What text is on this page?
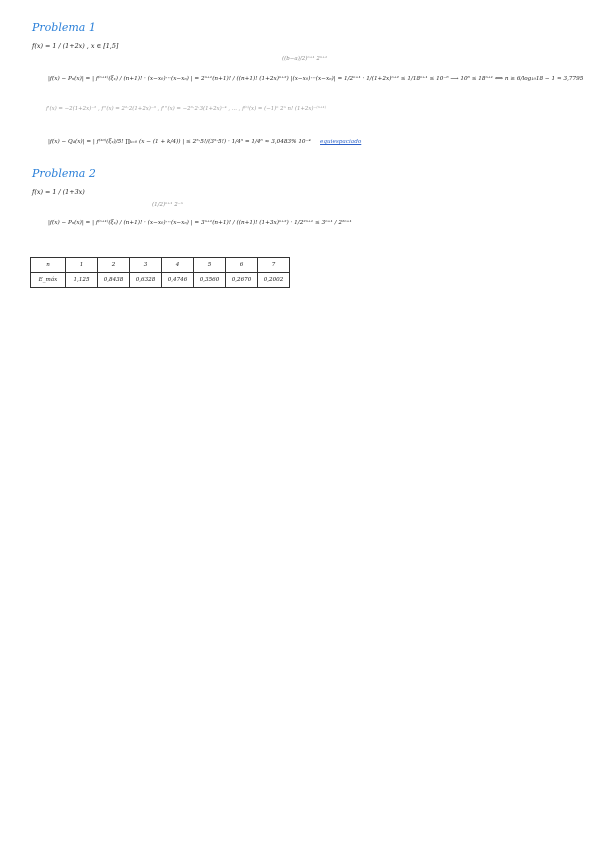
Problema 1
f(x) = 1 / (1+2x) , x ∈ [1,5]
((b−a)/2)ⁿ⁺¹ 2ⁿ⁺¹
|f(x) − Pₙ(x)| = | f⁽ⁿ⁺¹⁾(ξₓ) / (n+1)! · (x−x₀)···(x−xₙ) | = 2ⁿ⁺¹(n+1)! / ((n+1)! (1+2x)ⁿ⁺²) |(x−x₀)···(x−xₙ)| = 1/2ⁿ⁺¹ · 1/(1+2x)ⁿ⁺² ≤ 1/18ⁿ⁺¹ ≤ 10⁻⁶ ⟶ 10⁶ ≤ 18ⁿ⁺¹ ⟺ n ≥ 6/log₁₀18 − 1 ≈ 3,7795
f'(x) = −2(1+2x)⁻² , f''(x) = 2²·2(1+2x)⁻³ , f'''(x) = −2³·2·3(1+2x)⁻⁴ , ... , f⁽ⁿ⁾(x) = (−1)ⁿ 2ⁿ n! (1+2x)⁻⁽ⁿ⁺¹⁾
|f(x) − Q₄(x)| = | f⁽¹⁰⁾(ξₓ)/5! ∏ₖ₌₀ (x − (1 + k/4)) | ≤ 2⁵·5!/(3⁵·5!) · 1/4⁵ = 1/4⁶ ≈ 3,0483% 10⁻⁴ equiespaciado
Problema 2
f(x) = 1 / (1+3x)
(1/2)ⁿ⁺¹ 2⁻ⁿ
|f(x) − Pₙ(x)| = | f⁽ⁿ⁺¹⁾(ξₓ) / (n+1)! · (x−x₀)···(x−xₙ) | = 3ⁿ⁺¹(n+1)! / ((n+1)! (1+3x)ⁿ⁺²) · 1/2²ⁿ⁺¹ ≤ 3ⁿ⁺¹ / 2²ⁿ⁺¹
n	1	2	3	4	5	6	7
E_máx	1,125	0,8438	0,6328	0,4746	0,3560	0,2670	0,2002
